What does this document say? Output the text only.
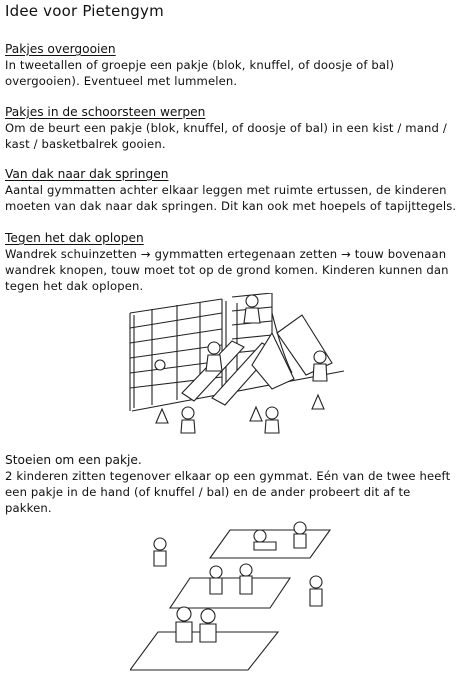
Idee voor Pietengym
Pakjes overgooien
In tweetallen of groepje een pakje (blok, knuffel, of doosje of bal)
overgooien). Eventueel met lummelen.
Pakjes in de schoorsteen werpen
Om de beurt een pakje (blok, knuffel, of doosje of bal) in een kist / mand /
kast / basketbalrek gooien.
Van dak naar dak springen
Aantal gymmatten achter elkaar leggen met ruimte ertussen, de kinderen
moeten van dak naar dak springen. Dit kan ook met hoepels of tapijttegels.
Tegen het dak oplopen
Wandrek schuinzetten → gymmatten ertegenaan zetten → touw bovenaan
wandrek knopen, touw moet tot op de grond komen. Kinderen kunnen dan
tegen het dak oplopen.
Stoeien om een pakje.
2 kinderen zitten tegenover elkaar op een gymmat. Eén van de twee heeft
een pakje in de hand (of knuffel / bal) en de ander probeert dit af te
pakken.
